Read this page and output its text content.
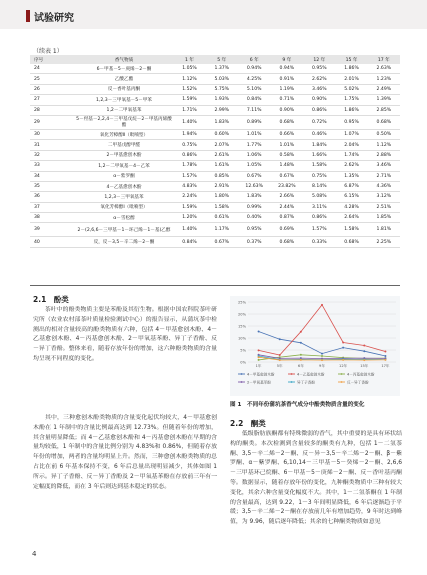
试验研究
（续表 1）
序号	香气物质	1 年	5 年	6 年	9 年	12 年	15 年	17 年
24	6－甲基－5－庚烯－2－酮	1.05%	1.37%	0.94%	0.94%	0.95%	1.86%	2.63%
25	乙酸乙酯	1.12%	5.03%	4.25%	0.91%	2.62%	2.01%	1.23%
26	反－香叶基丙酮	1.52%	5.75%	5.10%	1.19%	3.46%	5.02%	2.49%
27	1,2,3－三甲氧基－5－甲苯	1.59%	1.93%	0.84%	0.71%	0.90%	1.75%	1.39%
28	1,2－二甲氧基苯	1.71%	2.99%	7.11%	0.90%	0.86%	1.86%	2.85%
29	5－羟基－2,2,4－三甲基戊烷－2－甲基丙烯酸酯	1.40%	1.83%	0.89%	0.68%	0.72%	0.95%	0.68%
30	氧化芳樟醇Ⅱ（吡喃型）	1.94%	0.60%	1.01%	0.66%	0.46%	1.07%	0.50%
31	二甲基戊醇甲醛	0.75%	2.07%	1.77%	1.01%	1.84%	2.04%	1.12%
32	2－甲基愈创木酚	0.86%	2.61%	1.06%	0.58%	1.66%	1.74%	2.88%
33	1,2－二甲氧基－4－乙苯	1.78%	1.61%	1.05%	1.48%	1.58%	2.62%	3.46%
34	α－紫罗酮	1.57%	0.85%	0.67%	0.67%	0.75%	1.35%	2.71%
35	4－乙基愈创木酚	4.83%	2.91%	12.63%	23.82%	8.14%	6.87%	4.36%
36	1,2,3－三甲氧基苯	2.24%	1.80%	1.83%	2.66%	5.08%	6.15%	3.12%
37	氧化芳樟醇Ⅰ（吡喃型）	1.59%	1.58%	0.99%	2.44%	3.11%	4.28%	2.51%
38	α－雪松醇	1.20%	0.61%	0.40%	0.87%	0.86%	2.64%	1.85%
39	2－(2,6,6－三甲基－1－环己烯－1－基)乙醇	1.40%	1.17%	0.95%	0.69%	1.57%	1.58%	1.81%
40	反，反－3,5－辛二烯－2－酮	0.84%	0.67%	0.37%	0.68%	0.33%	0.68%	2.25%
2.1　酚类
　　茶叶中的酚类物质主要是苯酚及其衍生物。根据中国农科院茶叶研究所（农业农村部茶叶质量检验测试中心）的报告显示，从蒲坑茶中检测出的相对含量较高的酚类物质有六种，包括 4－甲基愈创木酚、4－乙基愈创木酚、4－丙基愈创木酚、2－甲氧基苯酚、异丁子香酚、反－异丁香酚。整体来看，随着存放年份的增加，这六种酚类物质的含量均呈现不同程度的变化。
　　其中，三种愈创木酚类物质的含量变化起伏均较大，4－甲基愈创木酚在 1 年制中的含量比例最高达到 12.73%。但随着年份的增加，其含量明显降低；而 4－乙基愈创木酚和 4－丙基愈创木酚在早期的含量均较低，1 年制中的含量比例分别为 4.83%和 0.86%，但随着存放年份的增加，两者的含量均明显上升。然而，三种愈创木酚类物质的总占比在前 6 年基本保持不变，6 年后总量出现明显减少，其体如图 1 所示。异丁子香酚、反－异丁香酚及 2－甲氧基苯酚在存放前三年有一定幅度的降低，而在 3 年后则达到基本稳定的状态。
25%
20%
15%
10%
5%
0%
1年	5年	6年	9年	12年	15年	17年
4－甲基愈创木酚	4－乙基愈创木酚	4－丙基愈创木酚
2－甲氧基苯酚	异丁子香酚	反－异丁香酚
图 1　不同年份蒲坑茶香气成分中酚类物质含量的变化
2.2　酮类
　　低级脂肪族酮都有特殊微弱的香气，其中重要的是具有环状结构的酮类。本次检测到含量较多的酮类有九种，包括 1－二氢茶酮、3,5－辛二烯－2－酮、反－异－3,5－辛二烯－2－酮、β－紫罗酮、α－紫罗酮、6,10,14－三甲基－5－癸烯－2－酮、2,6,6－三甲基环己烷酮、6－甲基－5－庚烯－2－酮、反－香叶基丙酮等。数据显示，随着存放年份的变化，九种酮类物质中三种有较大变化，其余六种含量变化幅度不大。其中，1－二氢茶酮在 1 年制的含量最高，达到 9.22，1－3 年间明显降低，6 年后逐渐趋于平缓；3,5－辛二烯－2－酮在存放前几年有增加趋势，9 年时达到峰值，为 9.96，随后逐年降低；其余的七种酮类物质如意见
4
